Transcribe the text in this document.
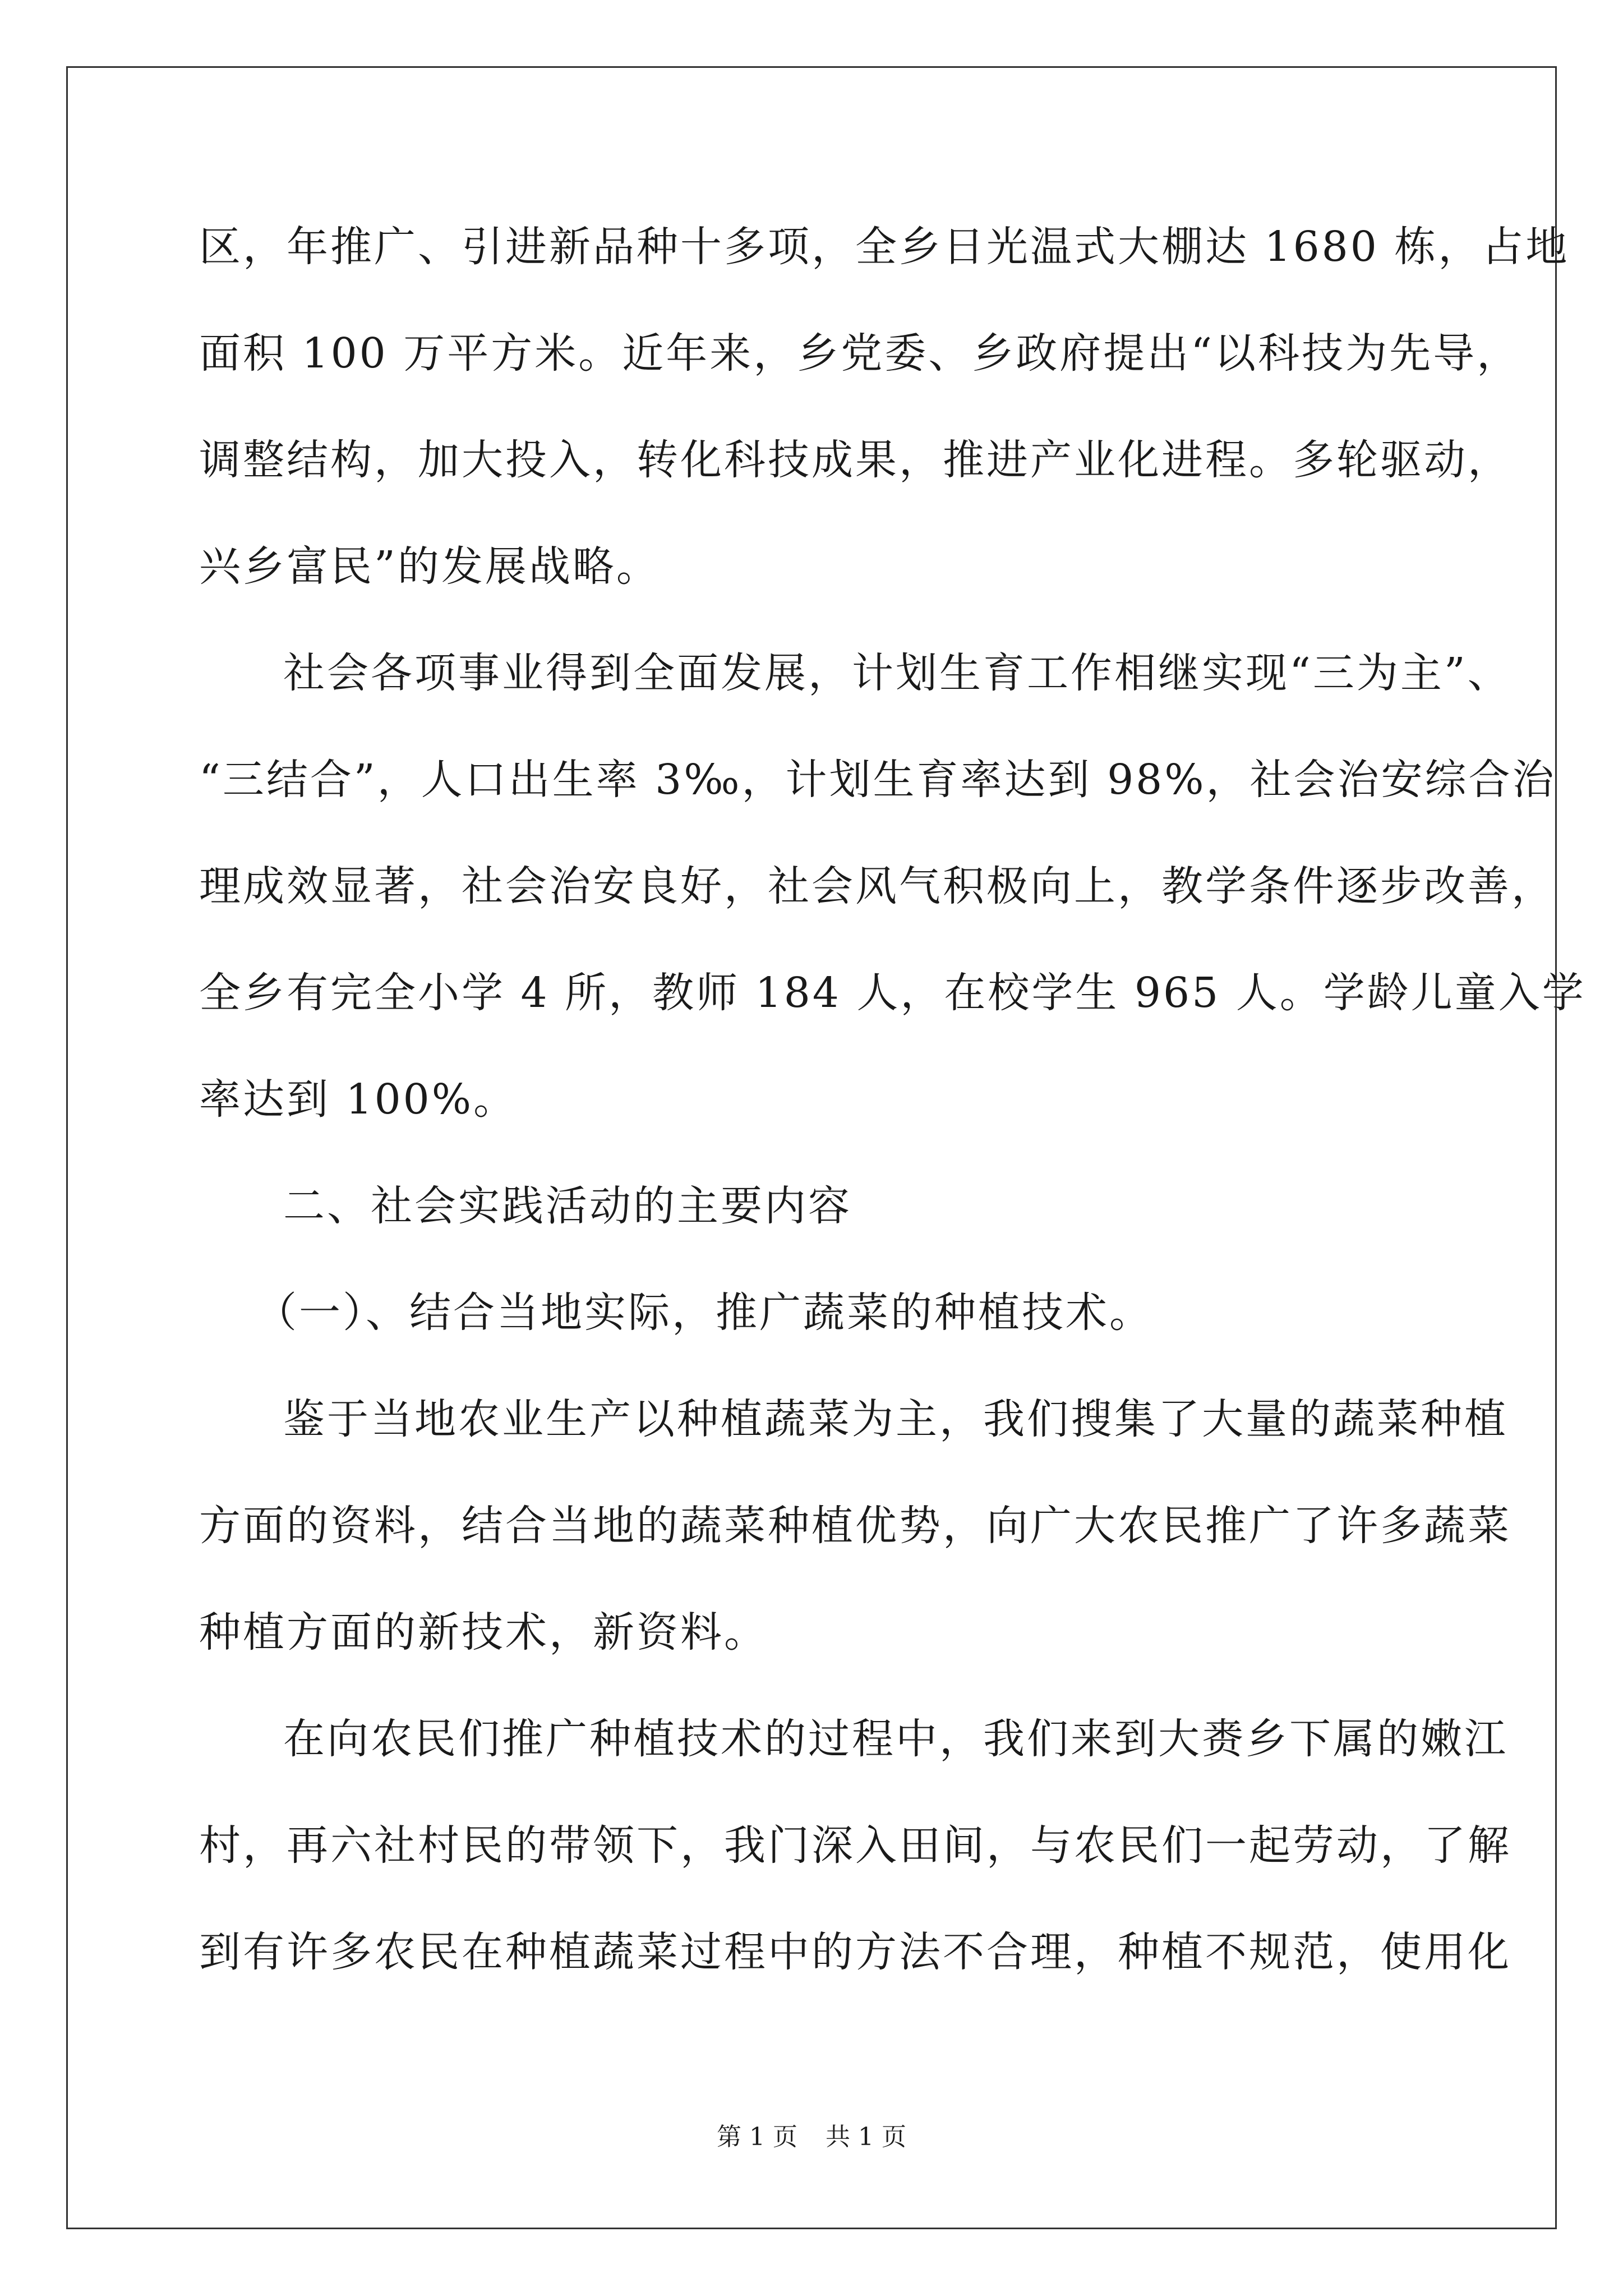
区，年推广、引进新品种十多项，全乡日光温式大棚达 1680 栋，占地
面积 100 万平方米。近年来，乡党委、乡政府提出“以科技为先导，
调整结构，加大投入，转化科技成果，推进产业化进程。多轮驱动，
兴乡富民”的发展战略。
社会各项事业得到全面发展，计划生育工作相继实现“三为主”、
“三结合”，人口出生率 3‰，计划生育率达到 98%，社会治安综合治
理成效显著，社会治安良好，社会风气积极向上，教学条件逐步改善，
全乡有完全小学 4 所，教师 184 人，在校学生 965 人。学龄儿童入学
率达到 100%。
二、社会实践活动的主要内容
（一）、结合当地实际，推广蔬菜的种植技术。
鉴于当地农业生产以种植蔬菜为主，我们搜集了大量的蔬菜种植
方面的资料，结合当地的蔬菜种植优势，向广大农民推广了许多蔬菜
种植方面的新技术，新资料。
在向农民们推广种植技术的过程中，我们来到大赉乡下属的嫩江
村，再六社村民的带领下，我门深入田间，与农民们一起劳动，了解
到有许多农民在种植蔬菜过程中的方法不合理，种植不规范，使用化
第 1 页 共 1 页
